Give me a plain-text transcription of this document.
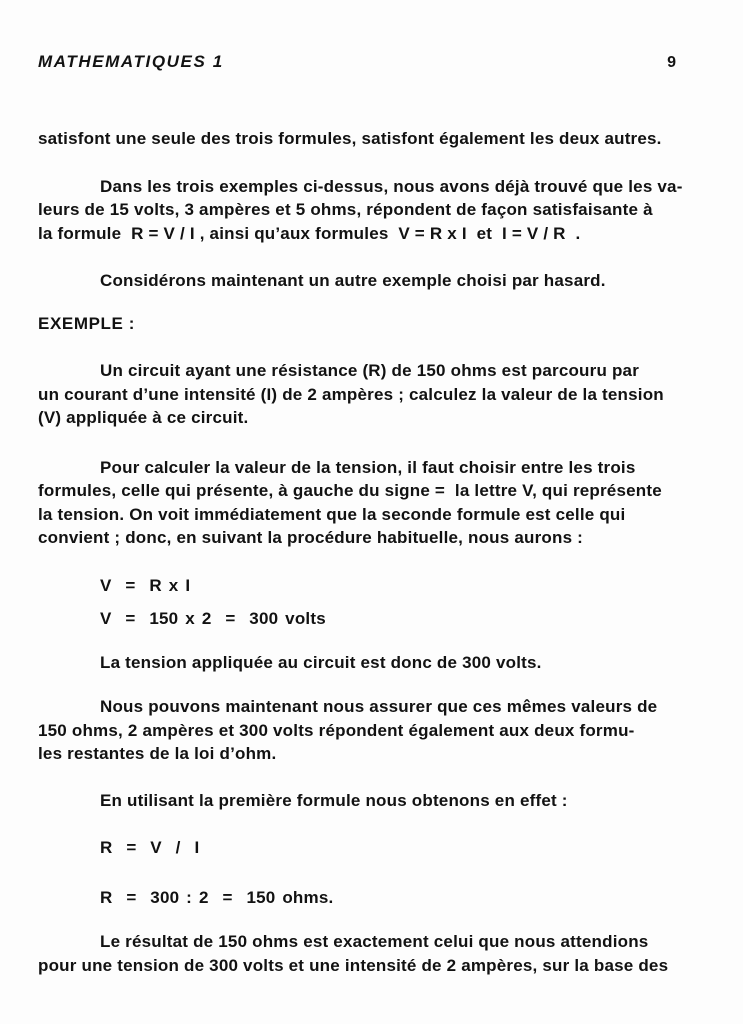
MATHEMATIQUES 1	9

satisfont une seule des trois formules, satisfont également les deux autres.

Dans les trois exemples ci-dessus, nous avons déjà trouvé que les va-
leurs de 15 volts, 3 ampères et 5 ohms, répondent de façon satisfaisante à
la formule  R = V / I , ainsi qu’aux formules  V = R x I  et  I = V / R  .

Considérons maintenant un autre exemple choisi par hasard.

EXEMPLE :

Un circuit ayant une résistance (R) de 150 ohms est parcouru par
un courant d’une intensité (I) de 2 ampères ; calculez la valeur de la tension
(V) appliquée à ce circuit.

Pour calculer la valeur de la tension, il faut choisir entre les trois
formules, celle qui présente, à gauche du signe =  la lettre V, qui représente
la tension. On voit immédiatement que la seconde formule est celle qui
convient ; donc, en suivant la procédure habituelle, nous aurons :

V  =  R x I
V  =  150 x 2  =  300 volts

La tension appliquée au circuit est donc de 300 volts.

Nous pouvons maintenant nous assurer que ces mêmes valeurs de
150 ohms, 2 ampères et 300 volts répondent également aux deux formu-
les restantes de la loi d’ohm.

En utilisant la première formule nous obtenons en effet :

R  =  V  /  I

R  =  300 : 2  =  150 ohms.

Le résultat de 150 ohms est exactement celui que nous attendions
pour une tension de 300 volts et une intensité de 2 ampères, sur la base des
